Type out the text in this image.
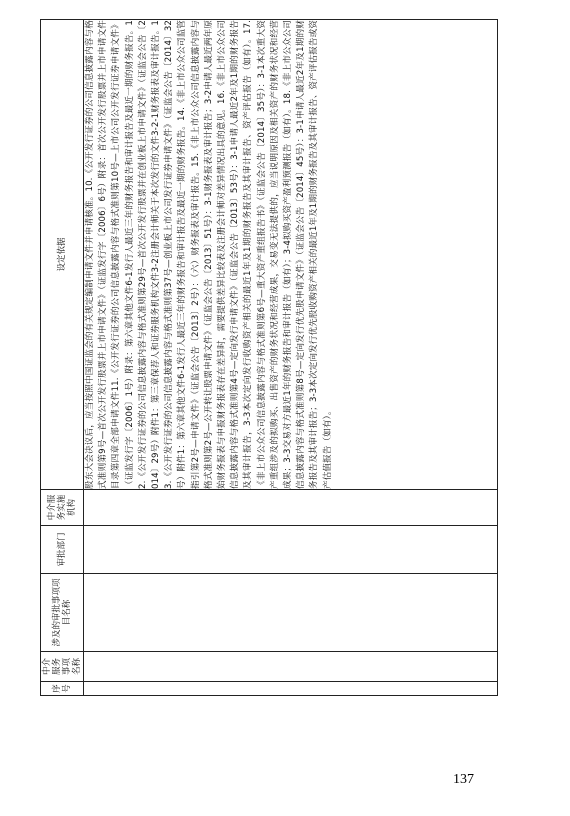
序号	中介服务事项名称	涉及的审批事项项目名称	审批部门	中介服务实施机构	设定依据

					股东大会决议后，应当按照中国证监会的有关规定编制申请文件并申请核准。10.《公开发行证券的公司信息披露内容与格式准则第9号—首次公开发行股票并上市申请文件》（证监发行字〔2006〕6号）附录：首次公开发行股票并上市申请文件目录第四章全部申请文件11.《公开发行证券的公司信息披露内容与格式准则第10号—上市公司公开发行证券申请文件》（证监发行字〔2006〕1号）附录：第六章其他文件6-1发行人最近三年的财务报告和审计报告及最近一期的财务报告。12.《公开发行证券的公司信息披露内容与格式准则第29号—首次公开发行股票并在创业板上市申请文件》（证监会公告〔2014〕29号）附件1：第三章保荐人和证券服务机构文件3-2注册会计师关于本次发行的文件3-2-1财务报表及审计报告。13.《公开发行证券的公司信息披露内容与格式准则第37号—创业板上市公司发行证券申请文件》（证监会公告〔2014〕32号）附件1：第六章其他文件6-1发行人最近三年的财务报告和审计报告及最近一期的财务报告。14.《非上市公众公司监管指引第2号—申请文件》（证监会公告〔2013〕2号）：（六）财务报表及审计报告。15.《非上市公众公司信息披露内容与格式准则第2号—公开转让股票申请文件》（证监会公告〔2013〕51号）：3-1财务报表及审计报告；3-2申请人最近两年原始财务报表与申报财务报表存在差异时，需要提供差异比较表及注册会计师对差异情况出具的意见。16.《非上市公众公司信息披露内容与格式准则第4号—定向发行申请文件》（证监会公告〔2013〕53号）：3-1申请人最近2年及1期的财务报告及其审计报告，3-3本次定向发行收购资产相关的最近1年及1期的财务报告及其审计报告、资产评估报告（如有）。17.《非上市公众公司信息披露内容与格式准则第6号—重大资产重组报告书》（证监会公告〔2014〕35号）：3-1本次重大资产重组涉及的拟购买、出售资产的财务状况和经营成果，交易变无法提供的，应当说明原因及相关资产的财务状况和经营成果；3-3交易对方最近1年的财务报告和审计报告（如有）；3-4拟购买资产盈利预测报告（如有）。18.《非上市公众公司信息披露内容与格式准则第8号—定向发行优先股申请文件》（证监会公告〔2014〕45号）：3-1申请人最近2年及1期的财务报告及其审计报告；3-3本次定向发行优先股收购资产相关的最近1年及1期的财务报告及其审计报告、资产评估报告或资产估值报告（如有）。

137
